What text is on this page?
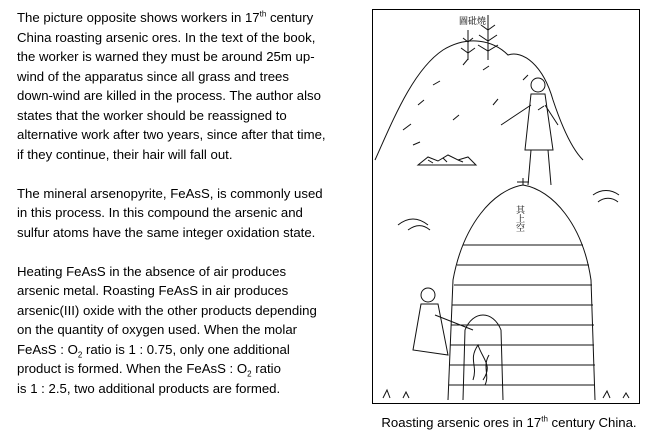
The picture opposite shows workers in 17th century

China roasting arsenic ores. In the text of the book,

the worker is warned they must be around 25m up-

wind of the apparatus since all grass and trees

down-wind are killed in the process. The author also

states that the worker should be reassigned to

alternative work after two years, since after that time,

if they continue, their hair will fall out.

The mineral arsenopyrite, FeAsS, is commonly used

in this process. In this compound the arsenic and

sulfur atoms have the same integer oxidation state.

Heating FeAsS in the absence of air produces

arsenic metal. Roasting FeAsS in air produces

arsenic(III) oxide with the other products depending

on the quantity of oxygen used. When the molar

FeAsS : $O_2$ ratio is 1 : 0.75, only one additional

product is formed. When the FeAsS : $O_2$ ratio

is 1 : 2.5, two additional products are formed.

圖砒燒
其上空
Roasting arsenic ores in 17th century China.
